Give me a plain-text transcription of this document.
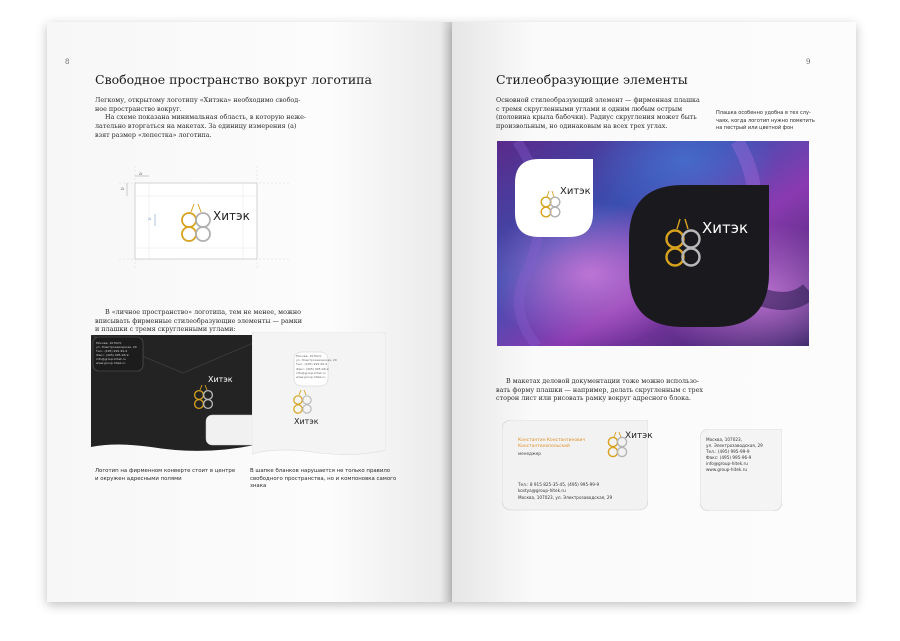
8
Свободное пространство вокруг логотипа

Легкому, открытому логотипу «Хитэка» необходимо свобод-

ное пространство вокруг.

На схеме показана минимальная область, в которую нежe-

лательно вторгаться на макетах. За единицу измерения (а)

взят размер «лепестка» логотипа.

а
а
а	Хитэк

В «личное пространство» логотипа, тем не менее, можно

вписывать фирменные стилеобразующие элементы — рамки

и плашки с тремя скругленными углами:

Москва, 107023,
ул. Электрозаводская, 29
Тел.: (495) 995-99-9
Факс: (495) 995-96-9
info@group-hitek.ru
www.group-hitek.ru
Хитэк
Москва, 107023,
ул. Электрозаводская, 29
Тел.: (495) 995-99-9
Факс: (495) 995-96-9
info@group-hitek.ru
www.group-hitek.ru
Хитэк
Логотип на фирменном конверте стоит в центре
и окружен адресными полями
В шапке бланков нарушается не только правило
свободного пространства, но и компоновка самого
знака
9
Стилеобразующие элементы

Основной стилеобразующий элемент — фирменная плашка

с тремя скругленными углами и одним любым острым

(половина крыла бабочки). Радиус скругления может быть

произвольным, но одинаковым на всех трех углах.

Плашка особенно удобна в тех слу-
чаях, когда логотип нужно пометить
на пестрый или цветной фон
Хитэк
Хитэк

В макетах деловой документации тоже можно использо-

вать форму плашки — например, делать скругленным с трех

сторон лист или рисовать рамку вокруг адресного блока.

Константин Константинович
Константинопольский
менеджер
Хитэк
Тел.: 8 915 825-35-45, (495) 995-99-9
kostya@group-hitek.ru
Москва, 107023, ул. Электрозаводская, 29
Москва, 107023,
ул. Электрозаводская, 29
Тел.: (495) 995-99-9
Факс: (495) 995-96-9
info@group-hitek.ru
www.group-hitek.ru
